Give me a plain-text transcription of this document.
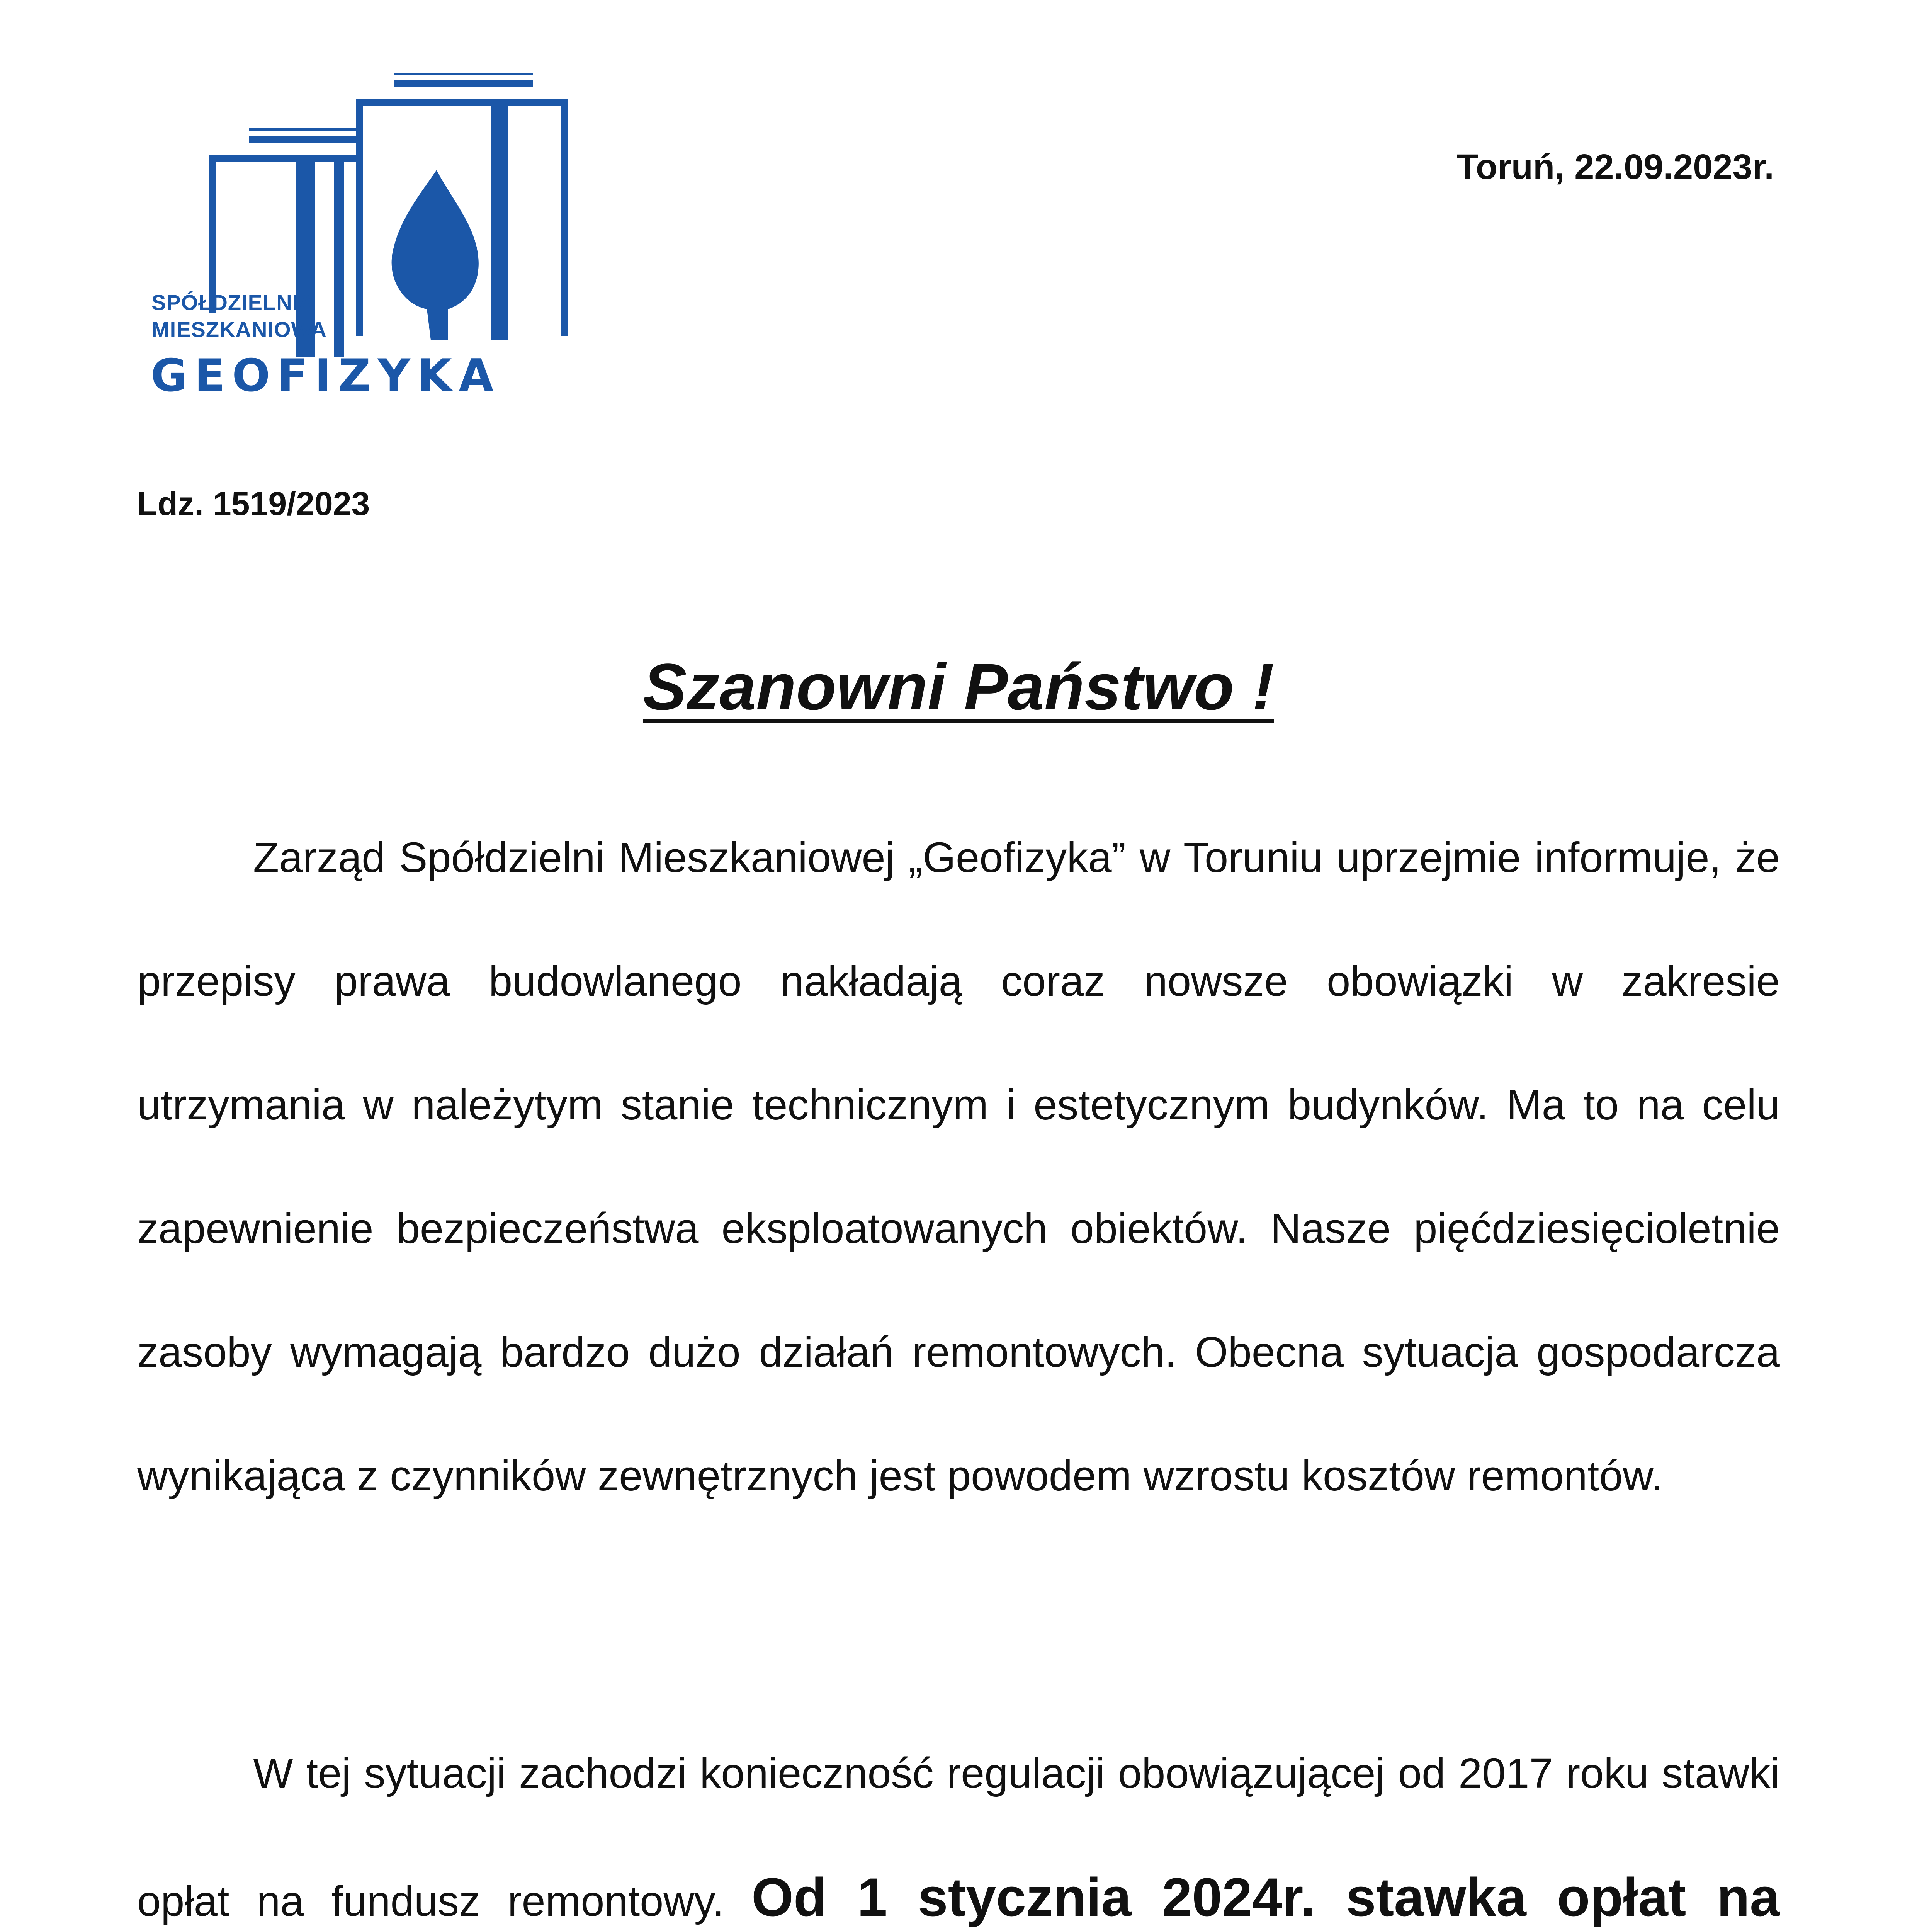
SPÓŁDZIELNIA
MIESZKANIOWA
GEOFIZYKA
Toruń, 22.09.2023r.
Ldz. 1519/2023
Szanowni Państwo !

Zarząd Spółdzielni Mieszkaniowej „Geofizyka” w Toruniu uprzejmie informuje, że przepisy prawa budowlanego nakładają coraz nowsze obowiązki w zakresie utrzymania w należytym stanie technicznym i estetycznym budynków. Ma to na celu zapewnienie bezpieczeństwa eksploatowanych obiektów. Nasze pięćdziesięcioletnie zasoby wymagają bardzo dużo działań remontowych. Obecna sytuacja gospodarcza wynikająca z czynników zewnętrznych jest powodem wzrostu kosztów remontów.

W tej sytuacji zachodzi konieczność regulacji obowiązującej od 2017 roku stawki opłat na fundusz remontowy. Od 1 stycznia 2024r. stawka opłat na
